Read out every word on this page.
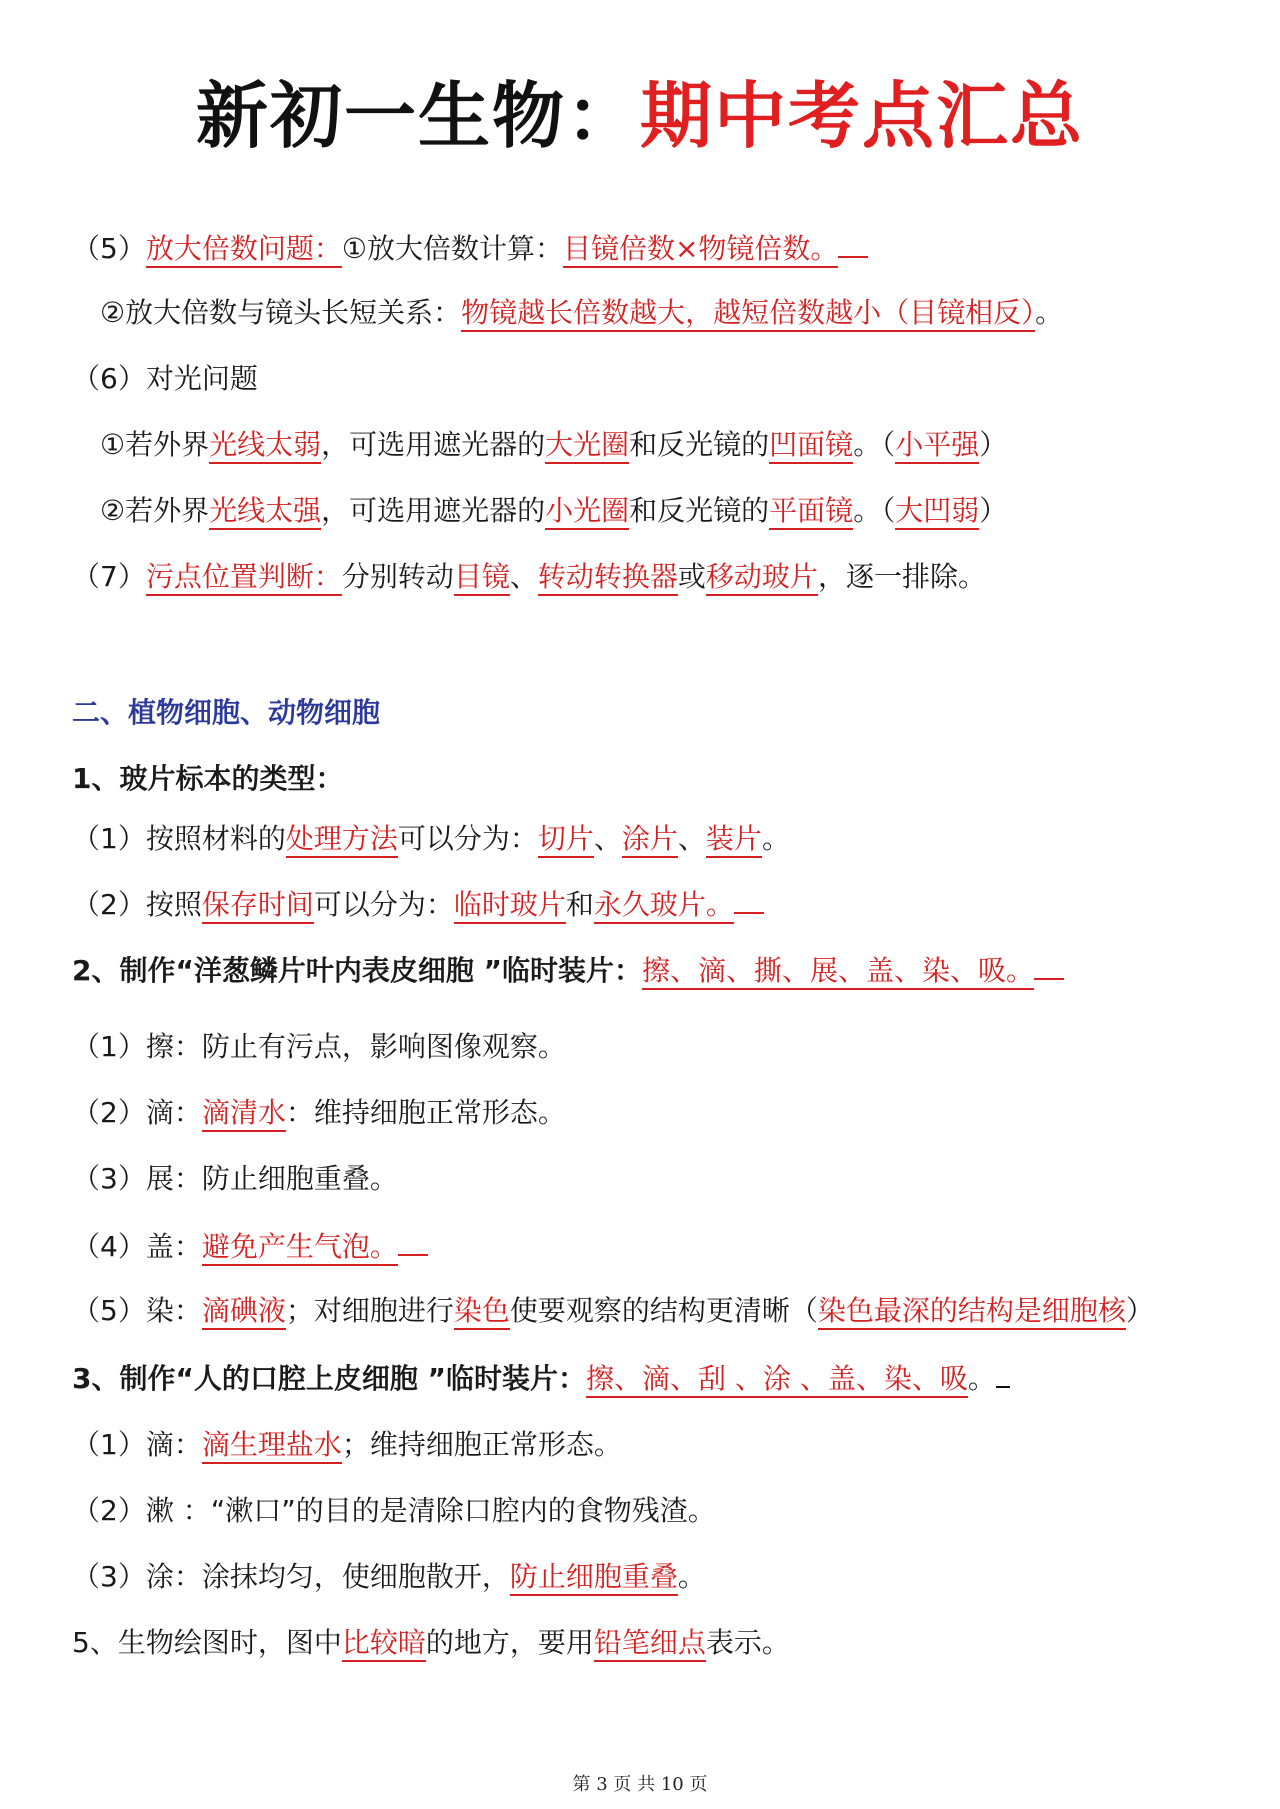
新初一生物：期中考点汇总
（5）放大倍数问题：①放大倍数计算：目镜倍数×物镜倍数。
②放大倍数与镜头长短关系：物镜越长倍数越大，越短倍数越小（目镜相反）。
（6）对光问题
①若外界光线太弱，可选用遮光器的大光圈和反光镜的凹面镜。（小平强）
②若外界光线太强，可选用遮光器的小光圈和反光镜的平面镜。（大凹弱）
（7）污点位置判断：分别转动目镜、转动转换器或移动玻片，逐一排除。
二、植物细胞、动物细胞
1、玻片标本的类型：
（1）按照材料的处理方法可以分为：切片、涂片、装片。
（2）按照保存时间可以分为：临时玻片和永久玻片。
2、制作“洋葱鳞片叶内表皮细胞 ”临时装片：擦、滴、撕、展、盖、染、吸。
（1）擦：防止有污点，影响图像观察。
（2）滴：滴清水：维持细胞正常形态。
（3）展：防止细胞重叠。
（4）盖：避免产生气泡。
（5）染：滴碘液；对细胞进行染色使要观察的结构更清晰（染色最深的结构是细胞核）
3、制作“人的口腔上皮细胞 ”临时装片：擦、滴、刮 、涂 、盖、染、吸。
（1）滴：滴生理盐水；维持细胞正常形态。
（2）漱 ：“漱口”的目的是清除口腔内的食物残渣。
（3）涂：涂抹均匀，使细胞散开，防止细胞重叠。
5、生物绘图时，图中比较暗的地方，要用铅笔细点表示。
第 3 页 共 10 页
